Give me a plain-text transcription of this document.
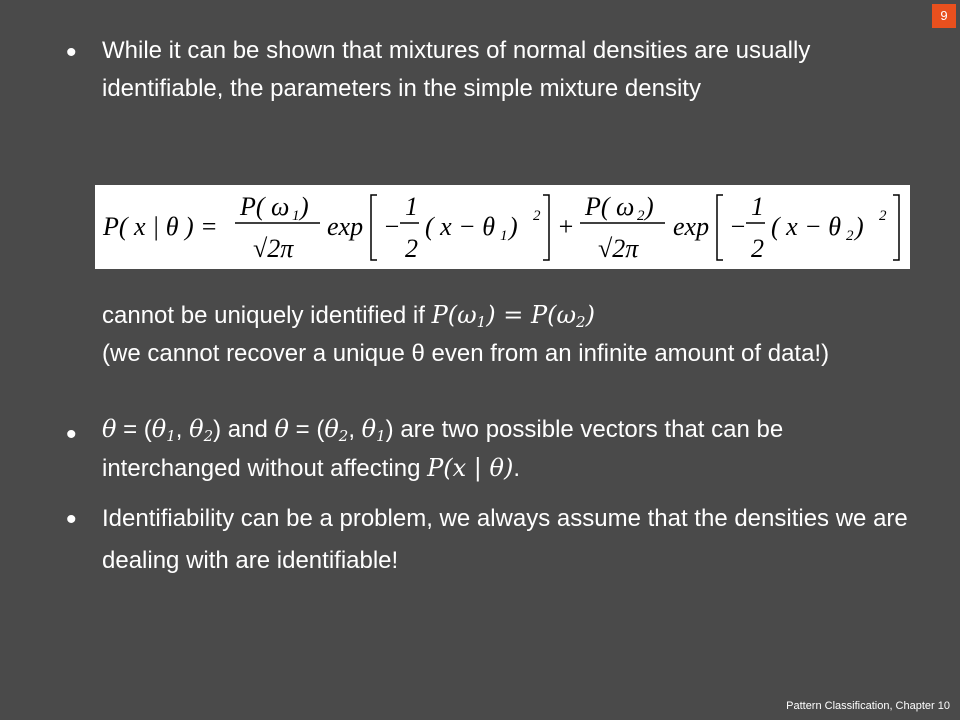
9
• While it can be shown that mixtures of normal densities are usually identifiable, the parameters in the simple mixture density
P( x | θ ) =
P( ω 1 )
√2π
exp −
1
2
( x − θ 1 ) 2 +
P( ω 2 )
√2π
exp −
1
2
( x − θ 2 ) 2
cannot be uniquely identified if $P(\omega_1) = P(\omega_2)$
(we cannot recover a unique θ even from an infinite amount of data!)
• $\theta = (\theta_1$, $\theta_2$) and $\theta = (\theta_2$, $\theta_1$) are two possible vectors that can be interchanged without affecting P(x | θ).
• Identifiability can be a problem, we always assume that the densities we are dealing with are identifiable!
Pattern Classification, Chapter 10
